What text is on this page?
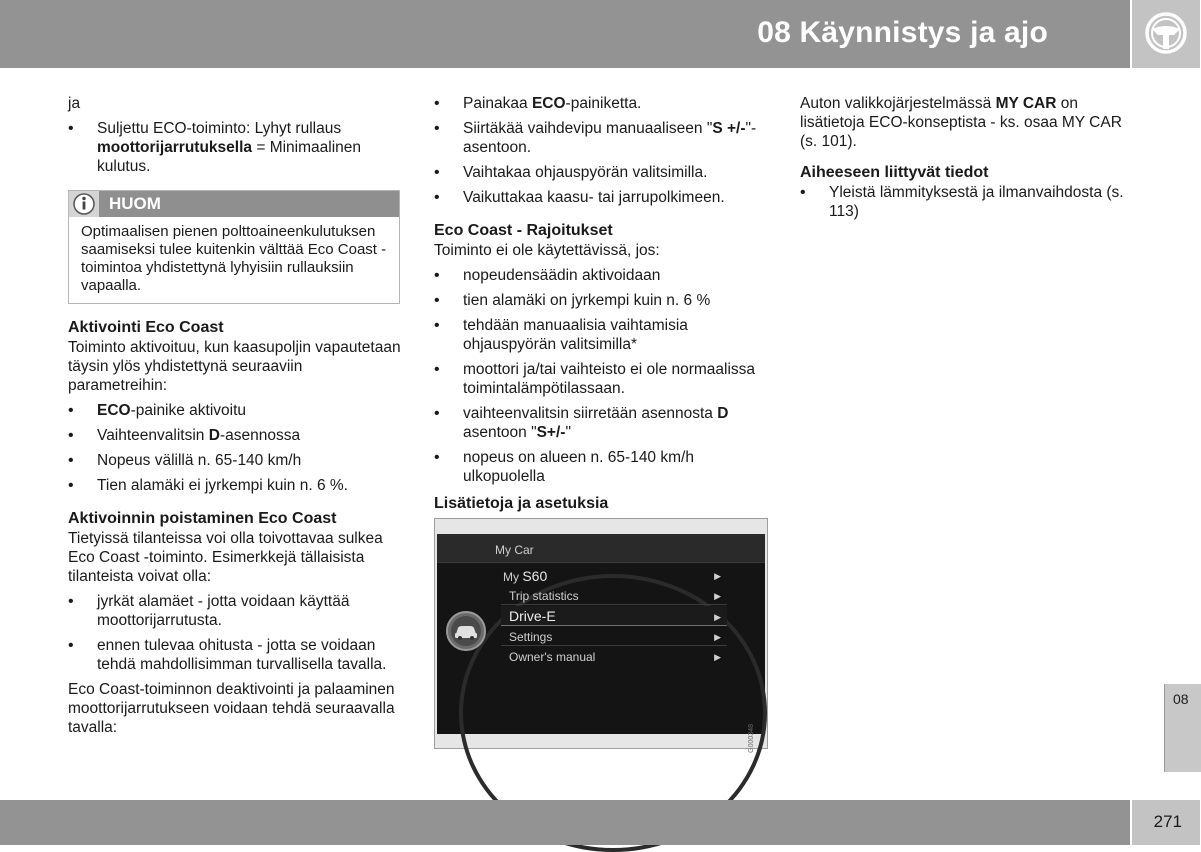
08 Käynnistys ja ajo

ja

• Suljettu ECO-toiminto: Lyhyt rullaus moottorijarrutuksella = Minimaalinen kulutus.
HUOM
Optimaalisen pienen polttoaineenkulutuksen saamiseksi tulee kuitenkin välttää Eco Coast -toimintoa yhdistettynä lyhyisiin rullauksiin vapaalla.
Aktivointi Eco Coast

Toiminto aktivoituu, kun kaasupoljin vapautetaan täysin ylös yhdistettynä seuraaviin parametreihin:

• ECO-painike aktivoitu
• Vaihteenvalitsin D-asennossa
• Nopeus välillä n. 65-140 km/h
• Tien alamäki ei jyrkempi kuin n. 6 %.
Aktivoinnin poistaminen Eco Coast

Tietyissä tilanteissa voi olla toivottavaa sulkea Eco Coast -toiminto. Esimerkkejä tällaisista tilanteista voivat olla:

• jyrkät alamäet - jotta voidaan käyttää moottorijarrutusta.
• ennen tulevaa ohitusta - jotta se voidaan tehdä mahdollisimman turvallisella tavalla.

Eco Coast-toiminnon deaktivointi ja palaaminen moottorijarrutukseen voidaan tehdä seuraavalla tavalla:

• Painakaa ECO-painiketta.
• Siirtäkää vaihdevipu manuaaliseen "S +/-"-asentoon.
• Vaihtakaa ohjauspyörän valitsimilla.
• Vaikuttakaa kaasu- tai jarrupolkimeen.
Eco Coast - Rajoitukset

Toiminto ei ole käytettävissä, jos:

• nopeudensäädin aktivoidaan
• tien alamäki on jyrkempi kuin n. 6 %
• tehdään manuaalisia vaihtamisia ohjauspyörän valitsimilla*
• moottori ja/tai vaihteisto ei ole normaalissa toimintalämpötilassaan.
• vaihteenvalitsin siirretään asennosta D asentoon "S+/-"
• nopeus on alueen n. 65-140 km/h ulkopuolella
Lisätietoja ja asetuksia
My Car
My S60	▶
Trip statistics	▶
Drive-E	▶
Settings	▶
Owner's manual	▶
G000348

Auton valikkojärjestelmässä MY CAR on lisätietoja ECO-konseptista - ks. osaa MY CAR (s. 101).

Aiheeseen liittyvät tiedot
• Yleistä lämmityksestä ja ilmanvaihdosta (s. 113)
08
271
